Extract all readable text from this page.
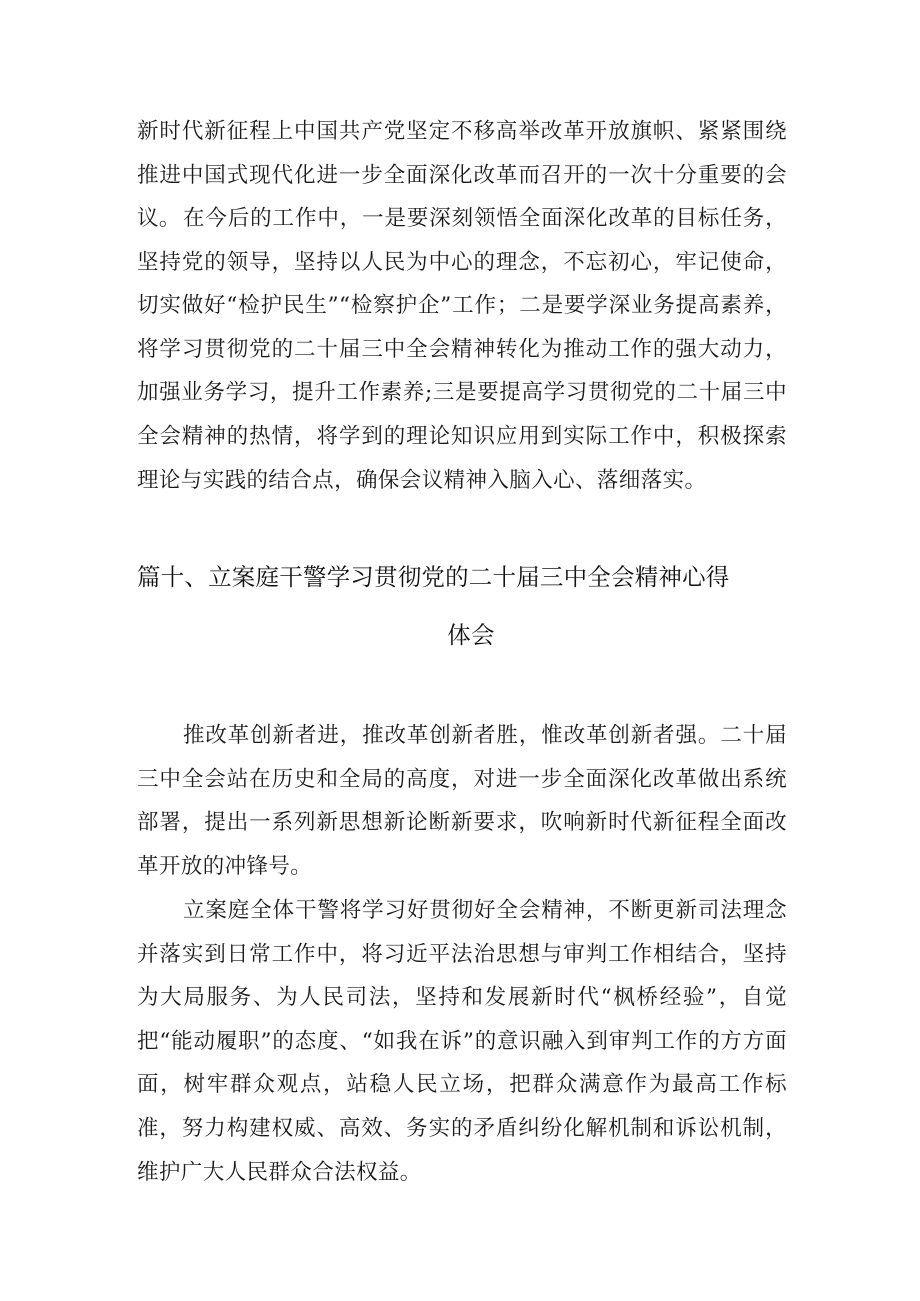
新时代新征程上中国共产党坚定不移高举改革开放旗帜、紧紧围绕推进中国式现代化进一步全面深化改革而召开的一次十分重要的会议。 在今后的工作中，一是要深刻领悟全面深化改革的目标任务，坚持党的领导，坚持以人民为中心的理念，不忘初心，牢记使命，切实做好“检护民生”“检察护企”工作；二是要学深业务提高素养，将学习贯彻党的二十届三中全会精神转化为推动工作的强大动力，加强业务学习，提升工作素养;三是要提高学习贯彻党的二十届三中全会精神的热情，将学到的理论知识应用到实际工作中，积极探索理论与实践的结合点，确保会议精神入脑入心、落细落实。

篇十、立案庭干警学习贯彻党的二十届三中全会精神心得
体会

推改革创新者进，推改革创新者胜，惟改革创新者强。二十届三中全会站在历史和全局的高度，对进一步全面深化改革做出系统部署，提出一系列新思想新论断新要求，吹响新时代新征程全面改革开放的冲锋号。

立案庭全体干警将学习好贯彻好全会精神，不断更新司法理念并落实到日常工作中，将习近平法治思想与审判工作相结合，坚持为大局服务、为人民司法，坚持和发展新时代“枫桥经验”，自觉把“能动履职”的态度、“如我在诉”的意识融入到审判工作的方方面面，树牢群众观点，站稳人民立场，把群众满意作为最高工作标准，努力构建权威、高效、务实的矛盾纠纷化解机制和诉讼机制，维护广大人民群众合法权益。
